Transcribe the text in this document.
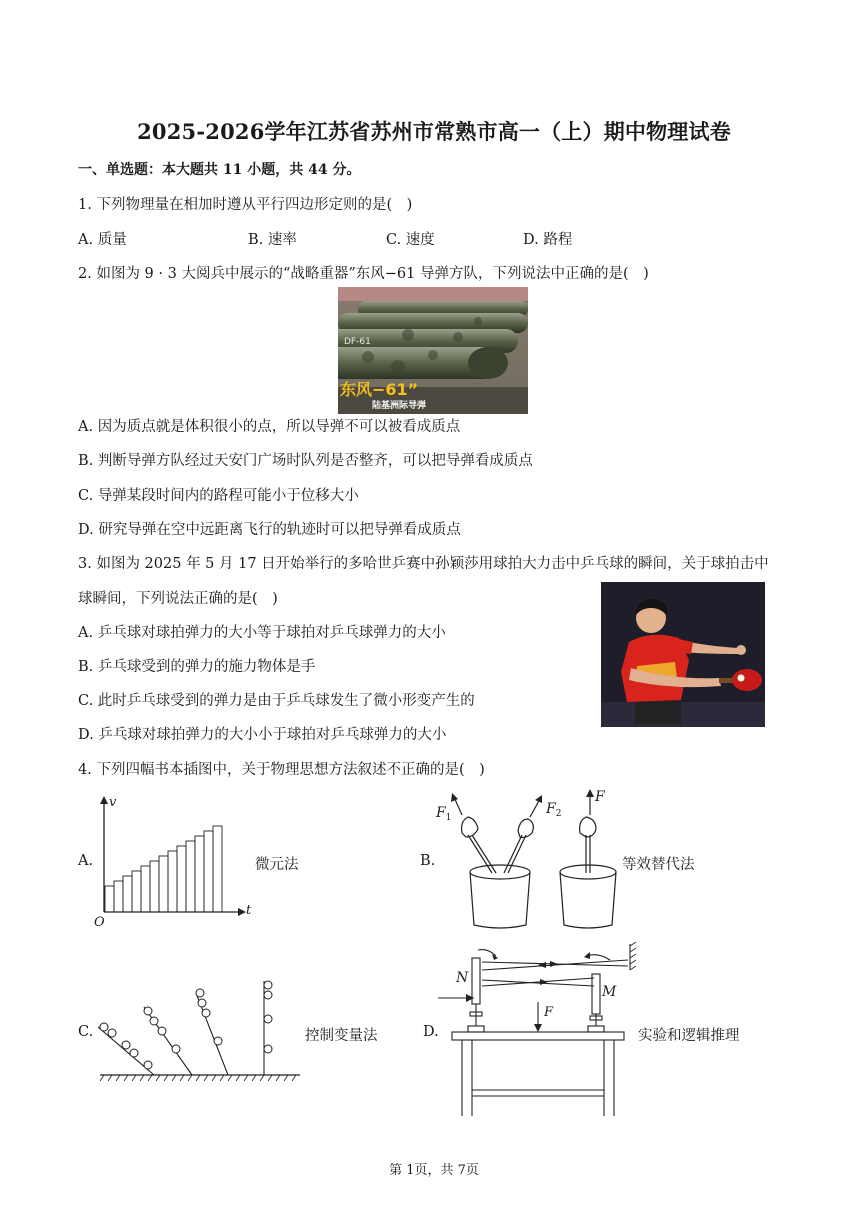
2025-2026学年江苏省苏州市常熟市高一（上）期中物理试卷
一、单选题：本大题共 11 小题，共 44 分。
1. 下列物理量在相加时遵从平行四边形定则的是(　)
A. 质量	B. 速率	C. 速度	D. 路程
2. 如图为 9 · 3 大阅兵中展示的“战略重器”东风−61 导弹方队，下列说法中正确的是(　)
DF-61
东风−61”
陆基洲际导弹
A. 因为质点就是体积很小的点，所以导弹不可以被看成质点
B. 判断导弹方队经过天安门广场时队列是否整齐，可以把导弹看成质点
C. 导弹某段时间内的路程可能小于位移大小
D. 研究导弹在空中远距离飞行的轨迹时可以把导弹看成质点
3. 如图为 2025 年 5 月 17 日开始举行的多哈世乒赛中孙颖莎用球拍大力击中乒乓球的瞬间，关于球拍击中
球瞬间，下列说法正确的是(　)
A. 乒乓球对球拍弹力的大小等于球拍对乒乓球弹力的大小
B. 乒乓球受到的弹力的施力物体是手
C. 此时乒乓球受到的弹力是由于乒乓球发生了微小形变产生的
D. 乒乓球对球拍弹力的大小小于球拍对乒乓球弹力的大小
4. 下列四幅书本插图中，关于物理思想方法叙述不正确的是(　)
A.	微元法
v
t
O
B.	等效替代法
$F_1$
$F_2$
F
C.	控制变量法	D.	实验和逻辑推理
N
M
F
第 1页，共 7页
